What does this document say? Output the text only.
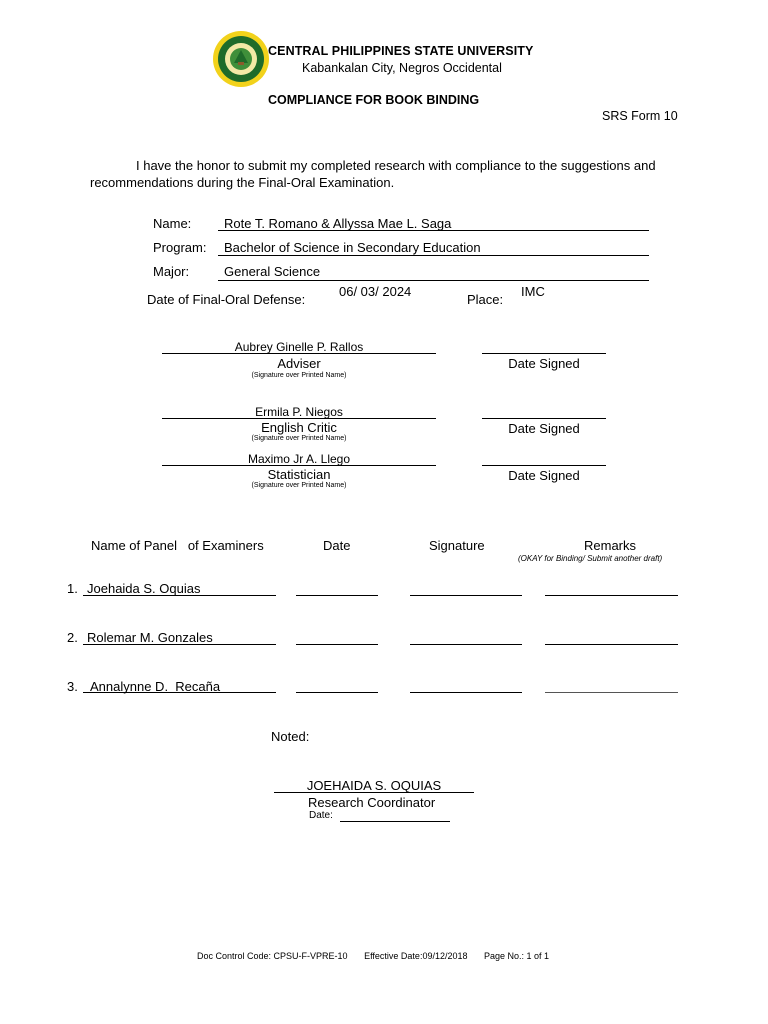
CENTRAL PHILIPPINES STATE UNIVERSITY
Kabankalan City, Negros Occidental
COMPLIANCE FOR BOOK BINDING
SRS Form 10
I have the honor to submit my completed research with compliance to the suggestions and recommendations during the Final-Oral Examination.
Name:	Rote T. Romano & Allyssa Mae L. Saga
Program: Bachelor of Science in Secondary Education
Major:	General Science
Date of Final-Oral Defense:
06/ 03/ 2024
Place:
IMC
Aubrey Ginelle P. Rallos
Adviser
(Signature over Printed Name)
Date Signed
Ermila P. Niegos
English Critic
(Signature over Printed Name)
Date Signed
Maximo Jr A. Llego
Statistician
(Signature over Printed Name)
Date Signed
Name of Panel   of Examiners	Date	Signature	Remarks
(OKAY for Binding/ Submit another draft)
1. Joehaida S. Oquias
2. Rolemar M. Gonzales
3. Annalynne D.  Recaña
Noted:
JOEHAIDA S. OQUIAS
Research Coordinator
Date:
Doc Control Code: CPSU-F-VPRE-10 Effective Date:09/12/2018 Page No.: 1 of 1
